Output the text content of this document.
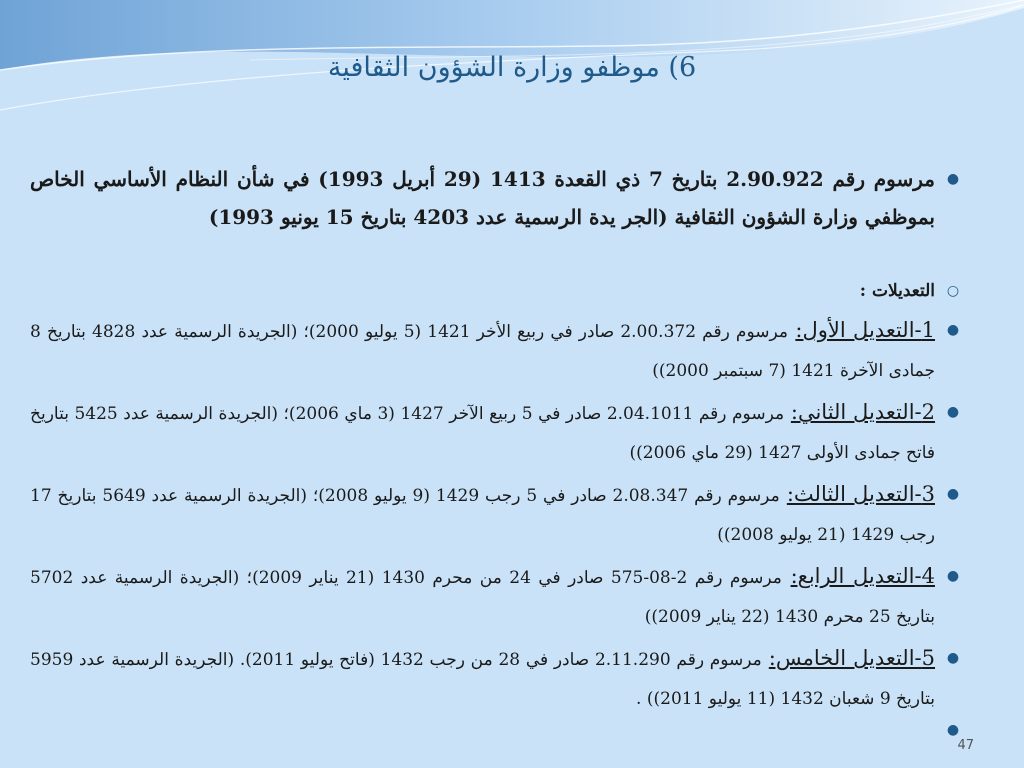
6) موظفو وزارة الشؤون الثقافية
●
مرسوم رقم 2.90.922 بتاريخ 7 ذي القعدة 1413 (29 أبريل 1993) في شأن النظام الأساسي الخاص بموظفي وزارة الشؤون الثقافية (الجر يدة الرسمية عدد 4203 بتاريخ 15 يونيو 1993)
○
التعديلات :
●
1-التعديل الأول: مرسوم رقم 2.00.372 صادر في ربيع الأخر 1421 (5 يوليو 2000)؛ (الجريدة الرسمية عدد 4828 بتاريخ 8 جمادى الآخرة 1421 (7 سبتمبر 2000))
●
2-التعديل الثاني: مرسوم رقم 2.04.1011 صادر في 5 ربيع الآخر 1427 (3 ماي 2006)؛ (الجريدة الرسمية عدد 5425 بتاريخ فاتح جمادى الأولى 1427 (29 ماي 2006))
●
3-التعديل الثالث: مرسوم رقم 2.08.347 صادر في 5 رجب 1429 (9 يوليو 2008)؛ (الجريدة الرسمية عدد 5649 بتاريخ 17 رجب 1429 (21 يوليو 2008))
●
4-التعديل الرابع: مرسوم رقم 2-08-575 صادر في 24 من محرم 1430 (21 يناير 2009)؛ (الجريدة الرسمية عدد 5702 بتاريخ 25 محرم 1430 (22 يناير 2009))
●
5-التعديل الخامس: مرسوم رقم 2.11.290 صادر في 28 من رجب 1432 (فاتح يوليو 2011). (الجريدة الرسمية عدد 5959 بتاريخ 9 شعبان 1432 (11 يوليو 2011)) .
●
47
